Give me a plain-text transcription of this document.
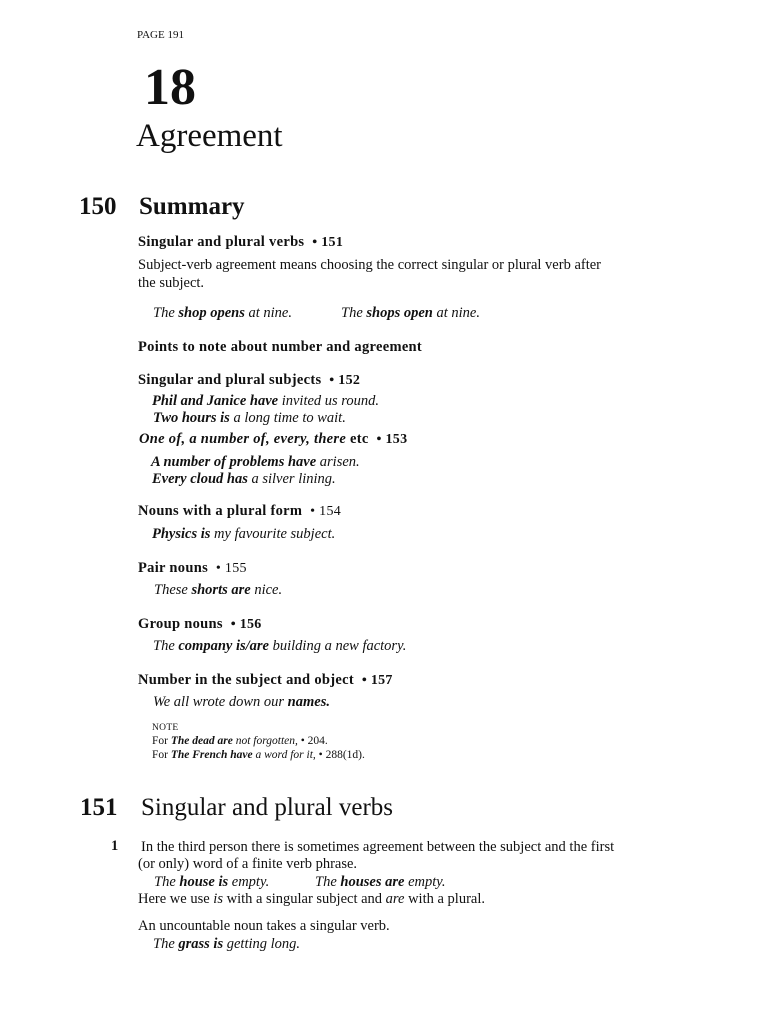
PAGE 191
18
Agreement
150 Summary
Singular and plural verbs • 151
Subject-verb agreement means choosing the correct singular or plural verb after
the subject.
The shop opens at nine.	The shops open at nine.
Points to note about number and agreement
Singular and plural subjects • 152
Phil and Janice have invited us round.
Two hours is a long time to wait.
One of, a number of, every, there etc • 153
A number of problems have arisen.
Every cloud has a silver lining.
Nouns with a plural form • 154
Physics is my favourite subject.
Pair nouns • 155
These shorts are nice.
Group nouns • 156
The company is/are building a new factory.
Number in the subject and object • 157
We all wrote down our names.
NOTE
For The dead are not forgotten, • 204.
For The French have a word for it, • 288(1d).
151 Singular and plural verbs
1 In the third person there is sometimes agreement between the subject and the first
(or only) word of a finite verb phrase.
The house is empty.	The houses are empty.
Here we use is with a singular subject and are with a plural.
An uncountable noun takes a singular verb.
The grass is getting long.
